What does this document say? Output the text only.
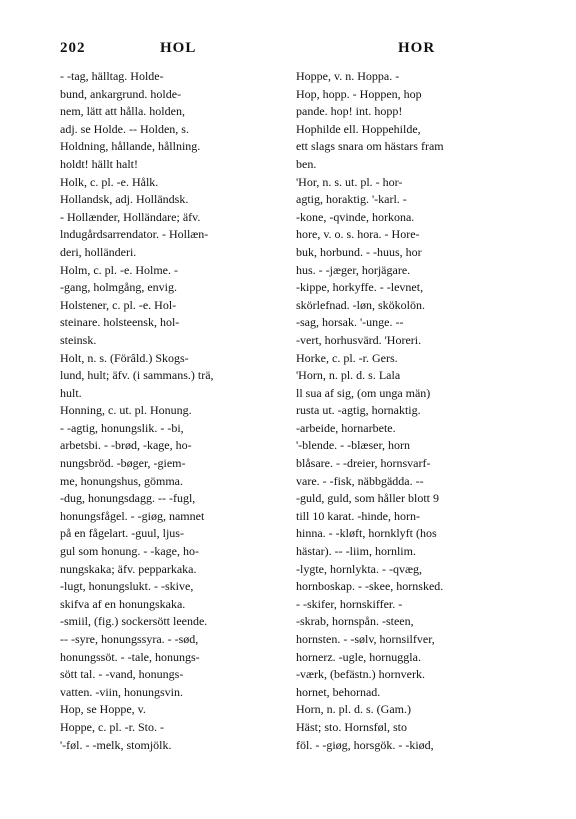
202	HOL	HOR
- -tag, hälltag. Holde-
bund, ankargrund. holde-
nem, lätt att hålla. holden,
adj. se Holde. -- Holden, s.
Holdning, hållande, hållning.
holdt! hällt halt!
Holk, c. pl. -e. Hålk.
Hollandsk, adj. Holländsk.
- Hollænder, Holländare; äfv.
lndugårdsarrendator. - Hollæn-
deri, holländeri.
Holm, c. pl. -e. Holme. -
-gang, holmgång, envig.
Holstener, c. pl. -e. Hol-
steinare. holsteensk, hol-
steinsk.
Holt, n. s. (Förâld.) Skogs-
lund, hult; äfv. (i sammans.) trä,
hult.
Honning, c. ut. pl. Honung.
- -agtig, honungslik. - -bi,
arbetsbi. - -brød, -kage, ho-
nungsbröd. -bøger, -giem-
me, honungshus, gömma.
-dug, honungsdagg. -- -fugl,
honungsfågel. - -giøg, namnet
på en fågelart. -guul, ljus-
gul som honung. - -kage, ho-
nungskaka; äfv. pepparkaka.
-lugt, honungslukt. - -skive,
skifva af en honungskaka.
-smiil, (fig.) sockersött leende.
-- -syre, honungssyra. - -sød,
honungssöt. - -tale, honungs-
sött tal. - -vand, honungs-
vatten. -viin, honungsvin.
Hop, se Hoppe, v.
Hoppe, c. pl. -r. Sto. -
'-føl. - -melk, stomjölk.
Hoppe, v. n. Hoppa. -
Hop, hopp. - Hoppen, hop
pande. hop! int. hopp!
Hophilde ell. Hoppehilde,
ett slags snara om hästars fram
ben.
'Hor, n. s. ut. pl. - hor-
agtig, horaktig. '-karl. -
-kone, -qvinde, horkona.
hore, v. o. s. hora. - Hore-
buk, horbund. - -huus, hor
hus. - -jæger, horjägare.
-kippe, horkyffe. - -levnet,
skörlefnad. -løn, skökolön.
-sag, horsak. '-unge. --
-vert, horhusvärd. 'Horeri.
Horke, c. pl. -r. Gers.
'Horn, n. pl. d. s. Lala
ll sua af sig, (om unga män)
rusta ut. -agtig, hornaktig.
-arbeide, hornarbete.
'-blende. - -blæser, horn
blåsare. - -dreier, hornsvarf-
vare. - -fisk, näbbgädda. --
-guld, guld, som håller blott 9
till 10 karat. -hinde, horn-
hinna. - -kløft, hornklyft (hos
hästar). -- -liim, hornlim.
-lygte, hornlykta. - -qvæg,
hornboskap. - -skee, hornsked.
- -skifer, hornskiffer. -
-skrab, hornspån. -steen,
hornsten. - -sølv, hornsilfver,
hornerz. -ugle, hornuggla.
-værk, (befästn.) hornverk.
hornet, behornad.
Horn, n. pl. d. s. (Gam.)
Häst; sto. Hornsføl, sto
föl. - -giøg, horsgök. - -kiød,
